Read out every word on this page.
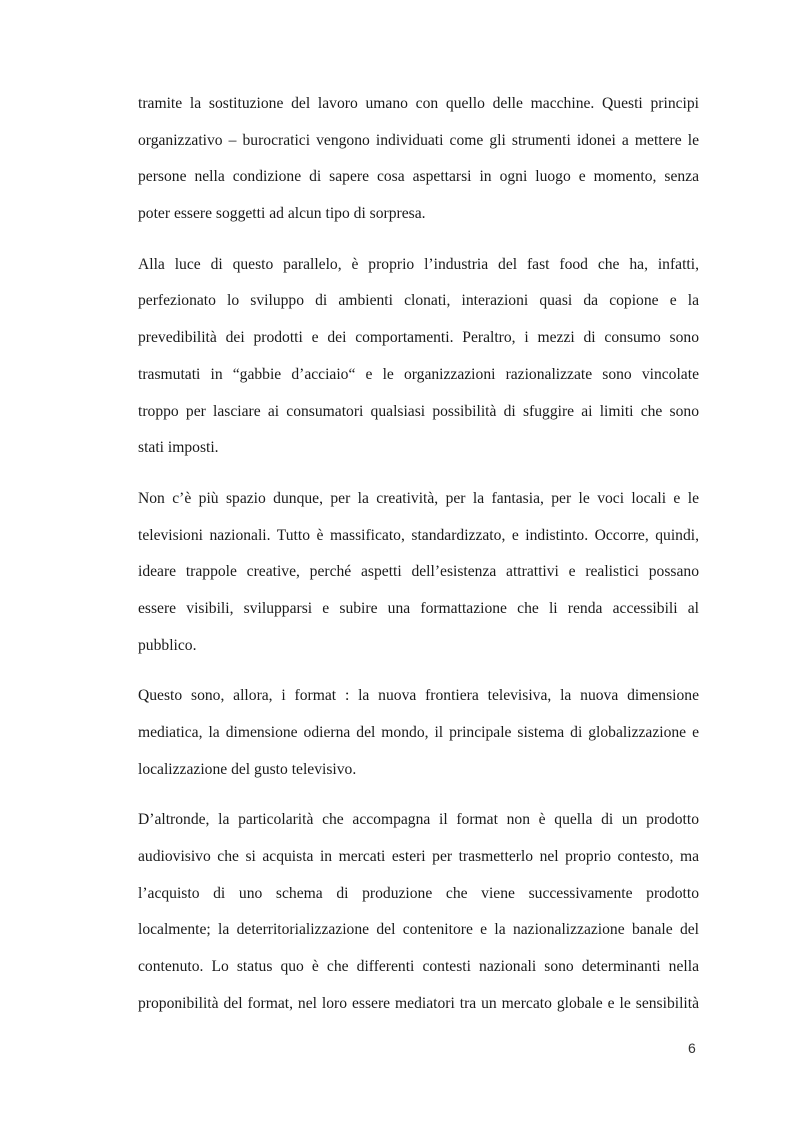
tramite la sostituzione del lavoro umano con quello delle macchine. Questi principi
organizzativo – burocratici vengono individuati come gli strumenti idonei a mettere le
persone nella condizione di sapere cosa aspettarsi in ogni luogo e momento, senza
poter essere soggetti ad alcun tipo di sorpresa.

Alla luce di questo parallelo, è proprio l’industria del fast food che ha, infatti,
perfezionato lo sviluppo di ambienti clonati, interazioni quasi da copione e la
prevedibilità dei prodotti e dei comportamenti. Peraltro, i mezzi di consumo sono
trasmutati in “gabbie d’acciaio“ e le organizzazioni razionalizzate sono vincolate
troppo per lasciare ai consumatori qualsiasi possibilità di sfuggire ai limiti che sono
stati imposti.

Non c’è più spazio dunque, per la creatività, per la fantasia, per le voci locali e le
televisioni nazionali. Tutto è massificato, standardizzato, e indistinto. Occorre, quindi,
ideare trappole creative, perché aspetti dell’esistenza attrattivi e realistici possano
essere visibili, svilupparsi e subire una formattazione che li renda accessibili al
pubblico.

Questo sono, allora, i format : la nuova frontiera televisiva, la nuova dimensione
mediatica, la dimensione odierna del mondo, il principale sistema di globalizzazione e
localizzazione del gusto televisivo.

D’altronde, la particolarità che accompagna il format non è quella di un prodotto
audiovisivo che si acquista in mercati esteri per trasmetterlo nel proprio contesto, ma
l’acquisto di uno schema di produzione che viene successivamente prodotto
localmente; la deterritorializzazione del contenitore e la nazionalizzazione banale del
contenuto. Lo status quo è che differenti contesti nazionali sono determinanti nella
proponibilità del format, nel loro essere mediatori tra un mercato globale e le sensibilità

6
